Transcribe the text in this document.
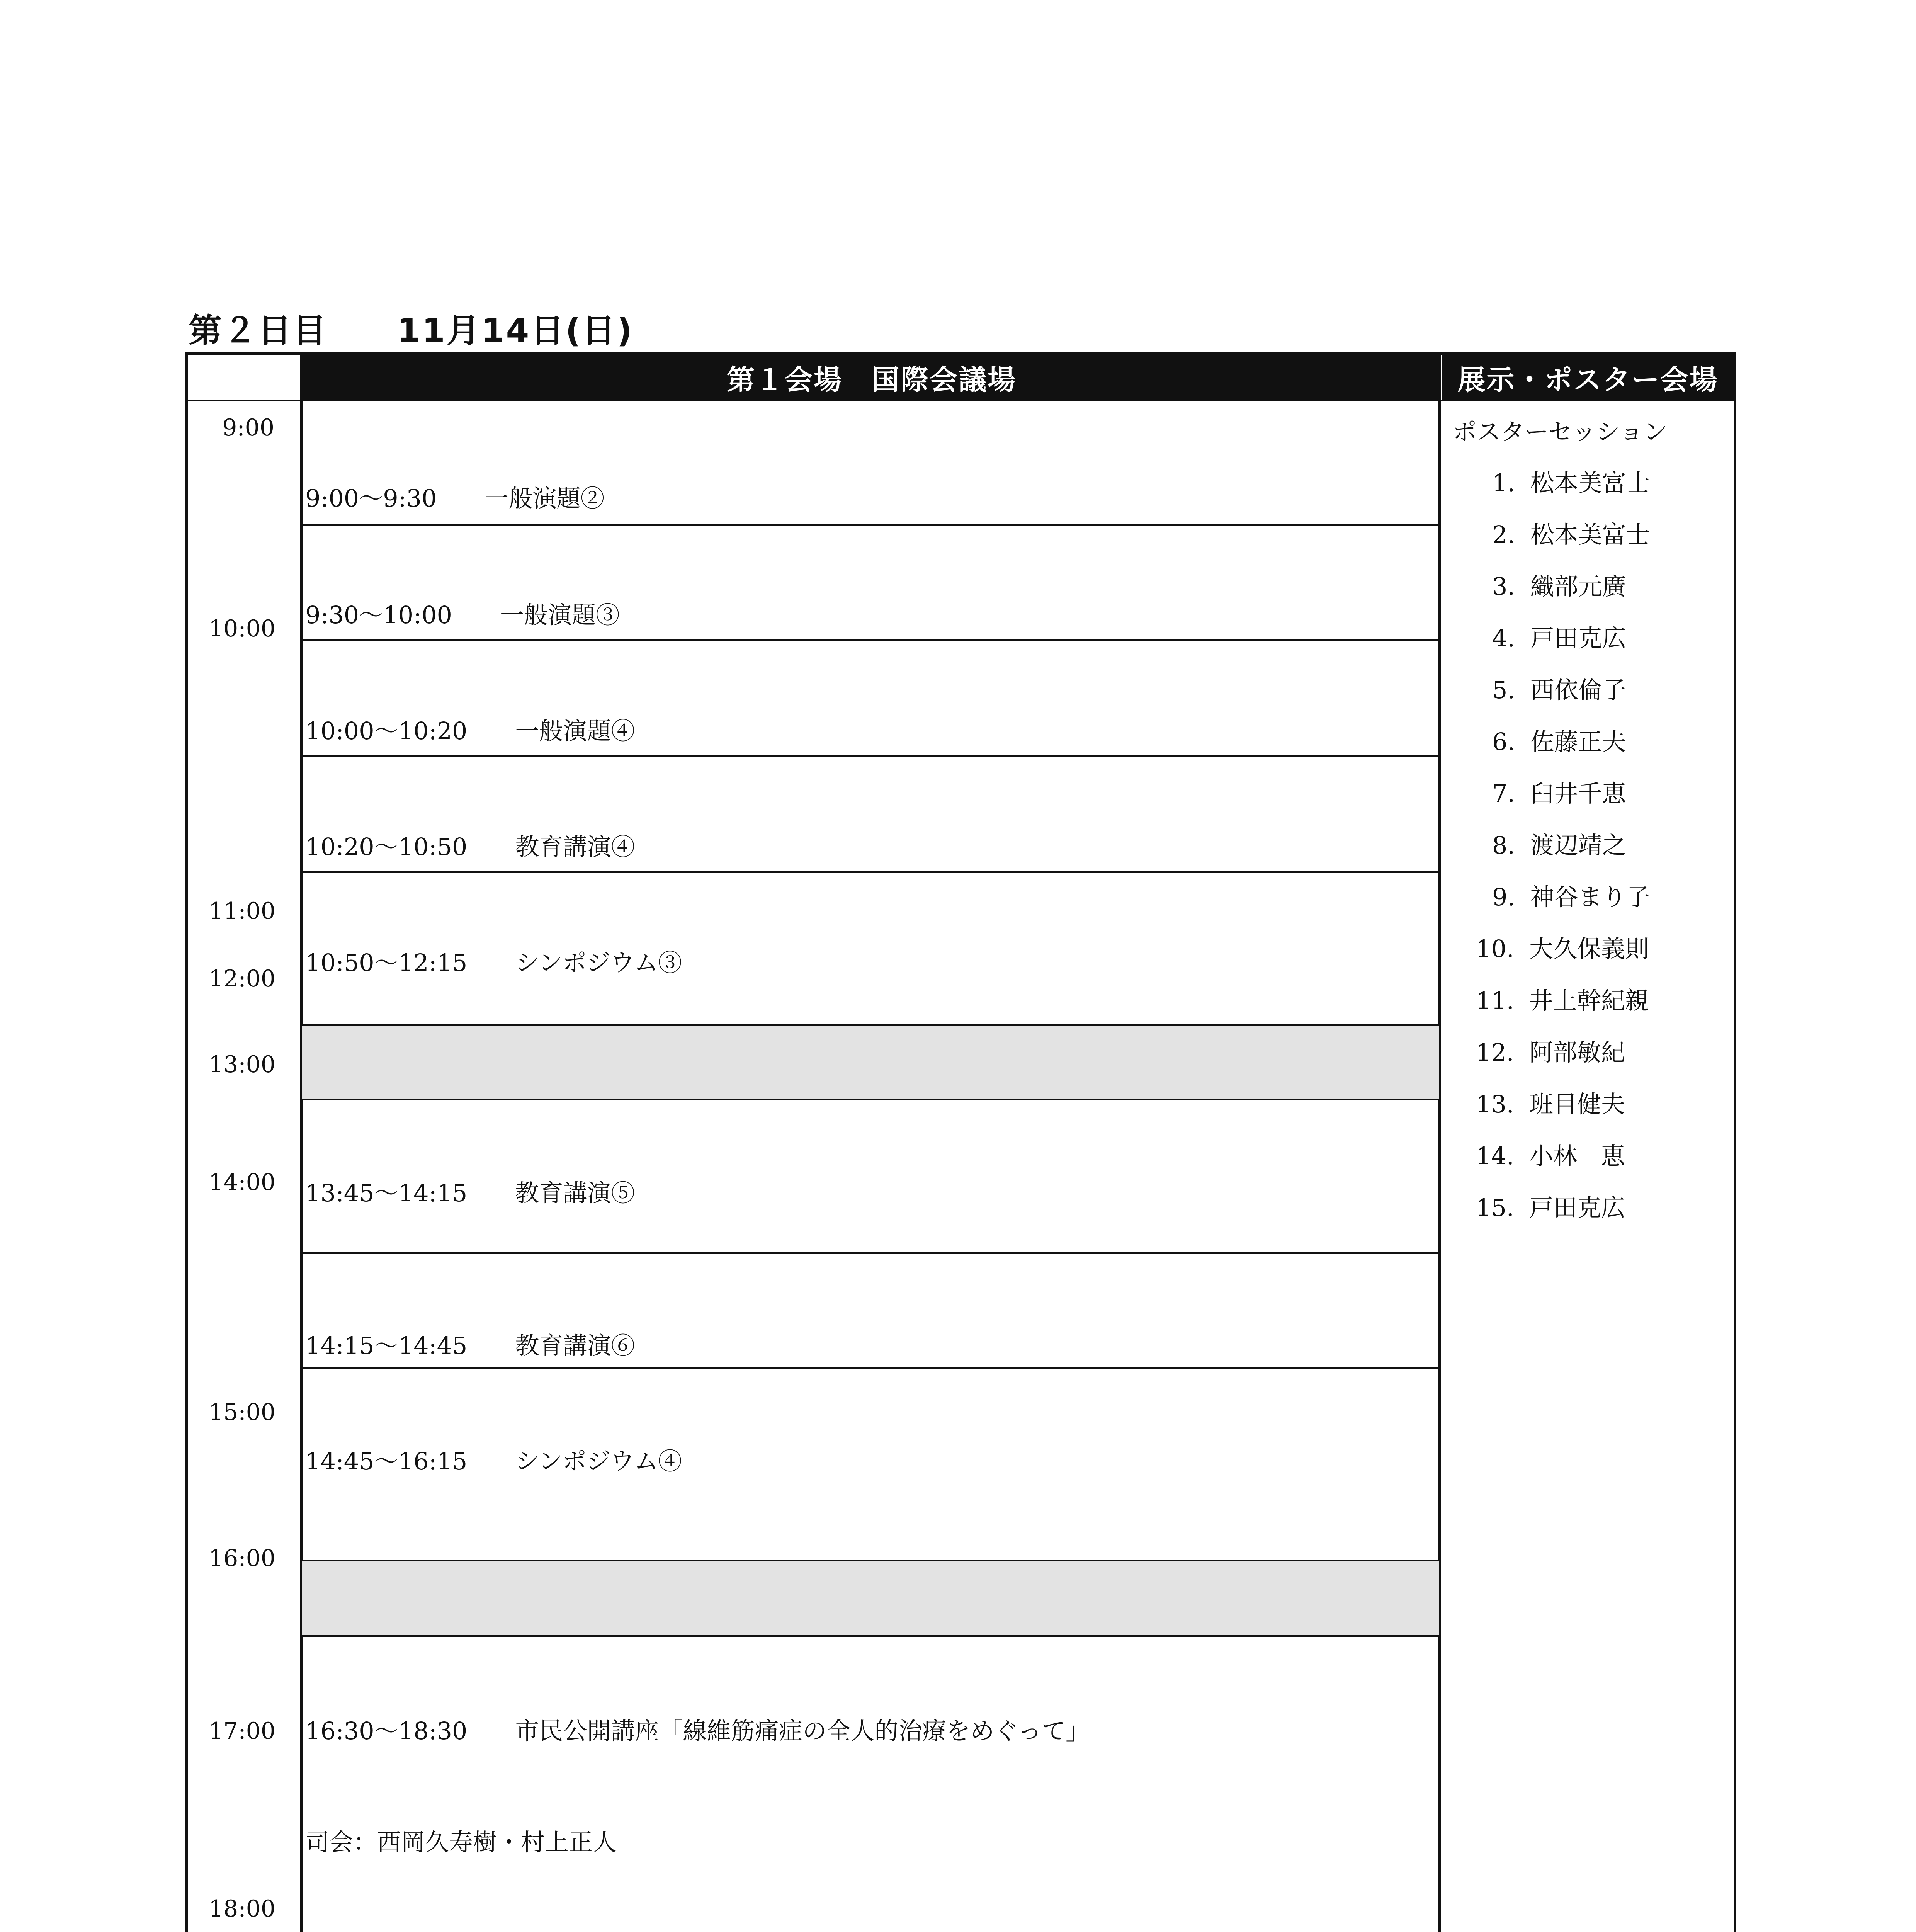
第２日目　　11月14日(日)
第１会場　国際会議場	展示・ポスター会場
9:00
10:00
11:00
12:00
13:00
14:00
15:00
16:00
17:00
18:00

9:00～9:30　　一般演題②

9:30～10:00　　一般演題③

10:00～10:20　　一般演題④

10:20～10:50　　教育講演④

10:50～12:15　　シンポジウム③

13:45～14:15　　教育講演⑤

14:15～14:45　　教育講演⑥

14:45～16:15　　シンポジウム④

16:30～18:30　　市民公開講座「線維筋痛症の全人的治療をめぐって」

司会：西岡久寿樹・村上正人

ポスターセッション
1.  松本美富士
2.  松本美富士
3.  織部元廣
4.  戸田克広
5.  西依倫子
6.  佐藤正夫
7.  臼井千恵
8.  渡辺靖之
9.  神谷まり子
10.  大久保義則
11.  井上幹紀親
12.  阿部敏紀
13.  班目健夫
14.  小林　恵
15.  戸田克広
